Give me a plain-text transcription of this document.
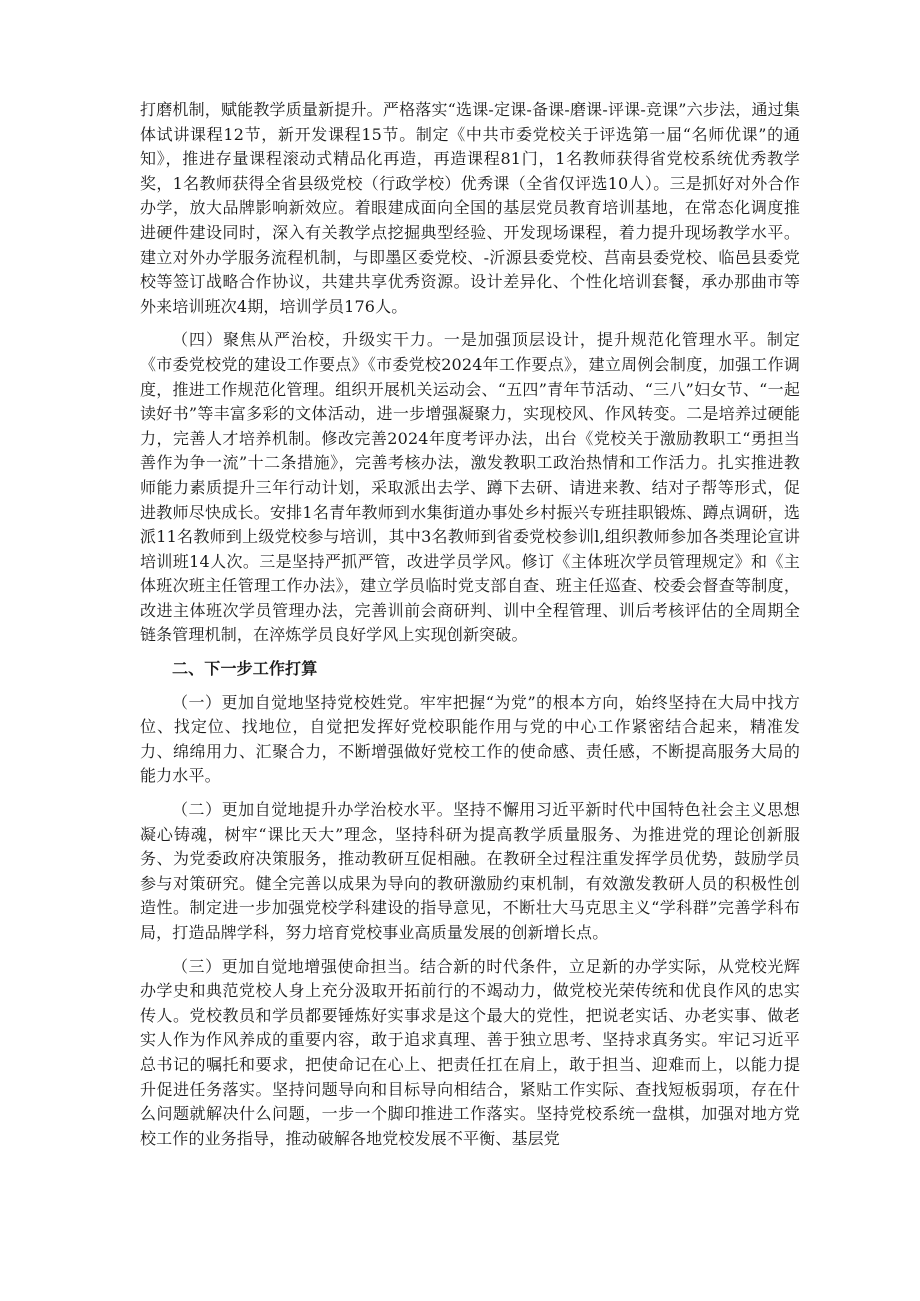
打磨机制，赋能教学质量新提升。严格落实“选课-定课-备课-磨课-评课-竞课”六步法，通过集体试讲课程12节，新开发课程15节。制定《中共市委党校关于评选第一届“名师优课”的通知》，推进存量课程滚动式精品化再造，再造课程81门，1名教师获得省党校系统优秀教学奖，1名教师获得全省县级党校（行政学校）优秀课（全省仅评选10人）。三是抓好对外合作办学，放大品牌影响新效应。着眼建成面向全国的基层党员教育培训基地，在常态化调度推进硬件建设同时，深入有关教学点挖掘典型经验、开发现场课程，着力提升现场教学水平。建立对外办学服务流程机制，与即墨区委党校、-沂源县委党校、莒南县委党校、临邑县委党校等签订战略合作协议，共建共享优秀资源。设计差异化、个性化培训套餐，承办那曲市等外来培训班次4期，培训学员176人。

（四）聚焦从严治校，升级实干力。一是加强顶层设计，提升规范化管理水平。制定《市委党校党的建设工作要点》《市委党校2024年工作要点》，建立周例会制度，加强工作调度，推进工作规范化管理。组织开展机关运动会、“五四”青年节活动、“三八”妇女节、“一起读好书”等丰富多彩的文体活动，进一步增强凝聚力，实现校风、作风转变。二是培养过硬能力，完善人才培养机制。修改完善2024年度考评办法，出台《党校关于激励教职工“勇担当善作为争一流”十二条措施》，完善考核办法，激发教职工政治热情和工作活力。扎实推进教师能力素质提升三年行动计划，采取派出去学、蹲下去研、请进来教、结对子帮等形式，促进教师尽快成长。安排1名青年教师到水集街道办事处乡村振兴专班挂职锻炼、蹲点调研，选派11名教师到上级党校参与培训，其中3名教师到省委党校参训l,组织教师参加各类理论宣讲培训班14人次。三是坚持严抓严管，改进学员学风。修订《主体班次学员管理规定》和《主体班次班主任管理工作办法》，建立学员临时党支部自查、班主任巡查、校委会督查等制度，改进主体班次学员管理办法，完善训前会商研判、训中全程管理、训后考核评估的全周期全链条管理机制，在淬炼学员良好学风上实现创新突破。

二、下一步工作打算

（一）更加自觉地坚持党校姓党。牢牢把握“为党”的根本方向，始终坚持在大局中找方位、找定位、找地位，自觉把发挥好党校职能作用与党的中心工作紧密结合起来，精准发力、绵绵用力、汇聚合力，不断增强做好党校工作的使命感、责任感，不断提高服务大局的能力水平。

（二）更加自觉地提升办学治校水平。坚持不懈用习近平新时代中国特色社会主义思想凝心铸魂，树牢“课比天大”理念，坚持科研为提高教学质量服务、为推进党的理论创新服务、为党委政府决策服务，推动教研互促相融。在教研全过程注重发挥学员优势，鼓励学员参与对策研究。健全完善以成果为导向的教研激励约束机制，有效激发教研人员的积极性创造性。制定进一步加强党校学科建设的指导意见，不断壮大马克思主义“学科群”完善学科布局，打造品牌学科，努力培育党校事业高质量发展的创新增长点。

（三）更加自觉地增强使命担当。结合新的时代条件，立足新的办学实际，从党校光辉办学史和典范党校人身上充分汲取开拓前行的不竭动力，做党校光荣传统和优良作风的忠实传人。党校教员和学员都要锤炼好实事求是这个最大的党性，把说老实话、办老实事、做老实人作为作风养成的重要内容，敢于追求真理、善于独立思考、坚持求真务实。牢记习近平总书记的嘱托和要求，把使命记在心上、把责任扛在肩上，敢于担当、迎难而上，以能力提升促进任务落实。坚持问题导向和目标导向相结合，紧贴工作实际、查找短板弱项，存在什么问题就解决什么问题，一步一个脚印推进工作落实。坚持党校系统一盘棋，加强对地方党校工作的业务指导，推动破解各地党校发展不平衡、基层党
